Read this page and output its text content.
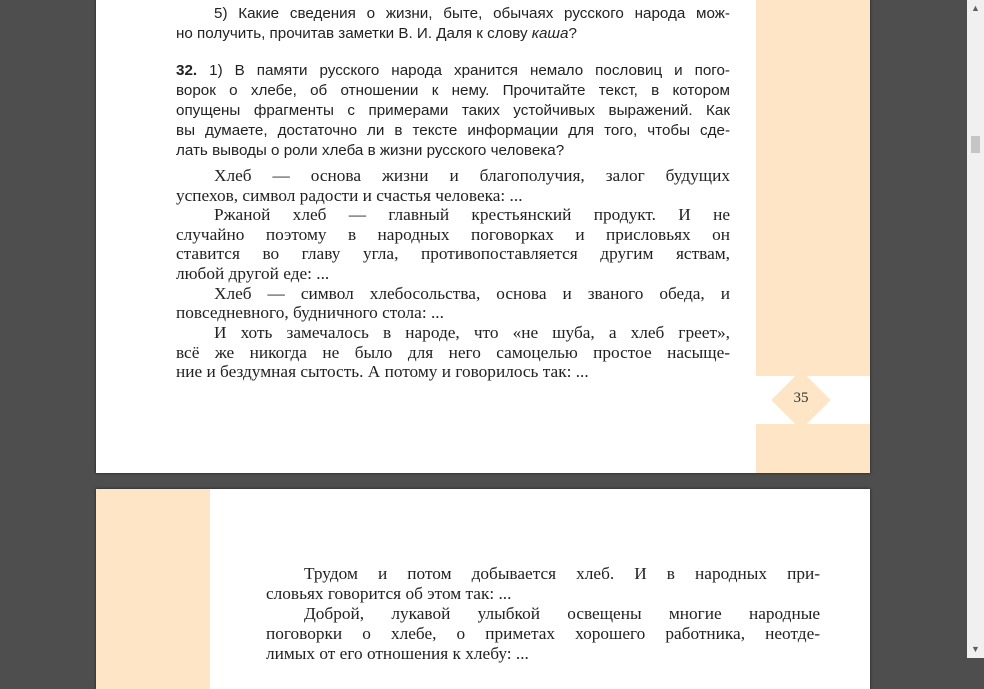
5) Какие сведения о жизни, быте, обычаях русского народа мож-
но получить, прочитав заметки В. И. Даля к слову каша?
32. 1) В памяти русского народа хранится немало пословиц и пого-
ворок о хлебе, об отношении к нему. Прочитайте текст, в котором
опущены фрагменты с примерами таких устойчивых выражений. Как
вы думаете, достаточно ли в тексте информации для того, чтобы сде-
лать выводы о роли хлеба в жизни русского человека?
Хлеб — основа жизни и благополучия, залог будущих
успехов, символ радости и счастья человека: ...
Ржаной хлеб — главный крестьянский продукт. И не
случайно поэтому в народных поговорках и присловьях он
ставится во главу угла, противопоставляется другим яствам,
любой другой еде: ...
Хлеб — символ хлебосольства, основа и званого обеда, и
повседневного, будничного стола: ...
И хоть замечалось в народе, что «не шуба, а хлеб греет»,
всё же никогда не было для него самоцелью простое насыще-
ние и бездумная сытость. А потому и говорилось так: ...
35
Трудом и потом добывается хлеб. И в народных при-
словьях говорится об этом так: ...
Доброй, лукавой улыбкой освещены многие народные
поговорки о хлебе, о приметах хорошего работника, неотде-
лимых от его отношения к хлебу: ...
▲
▼
